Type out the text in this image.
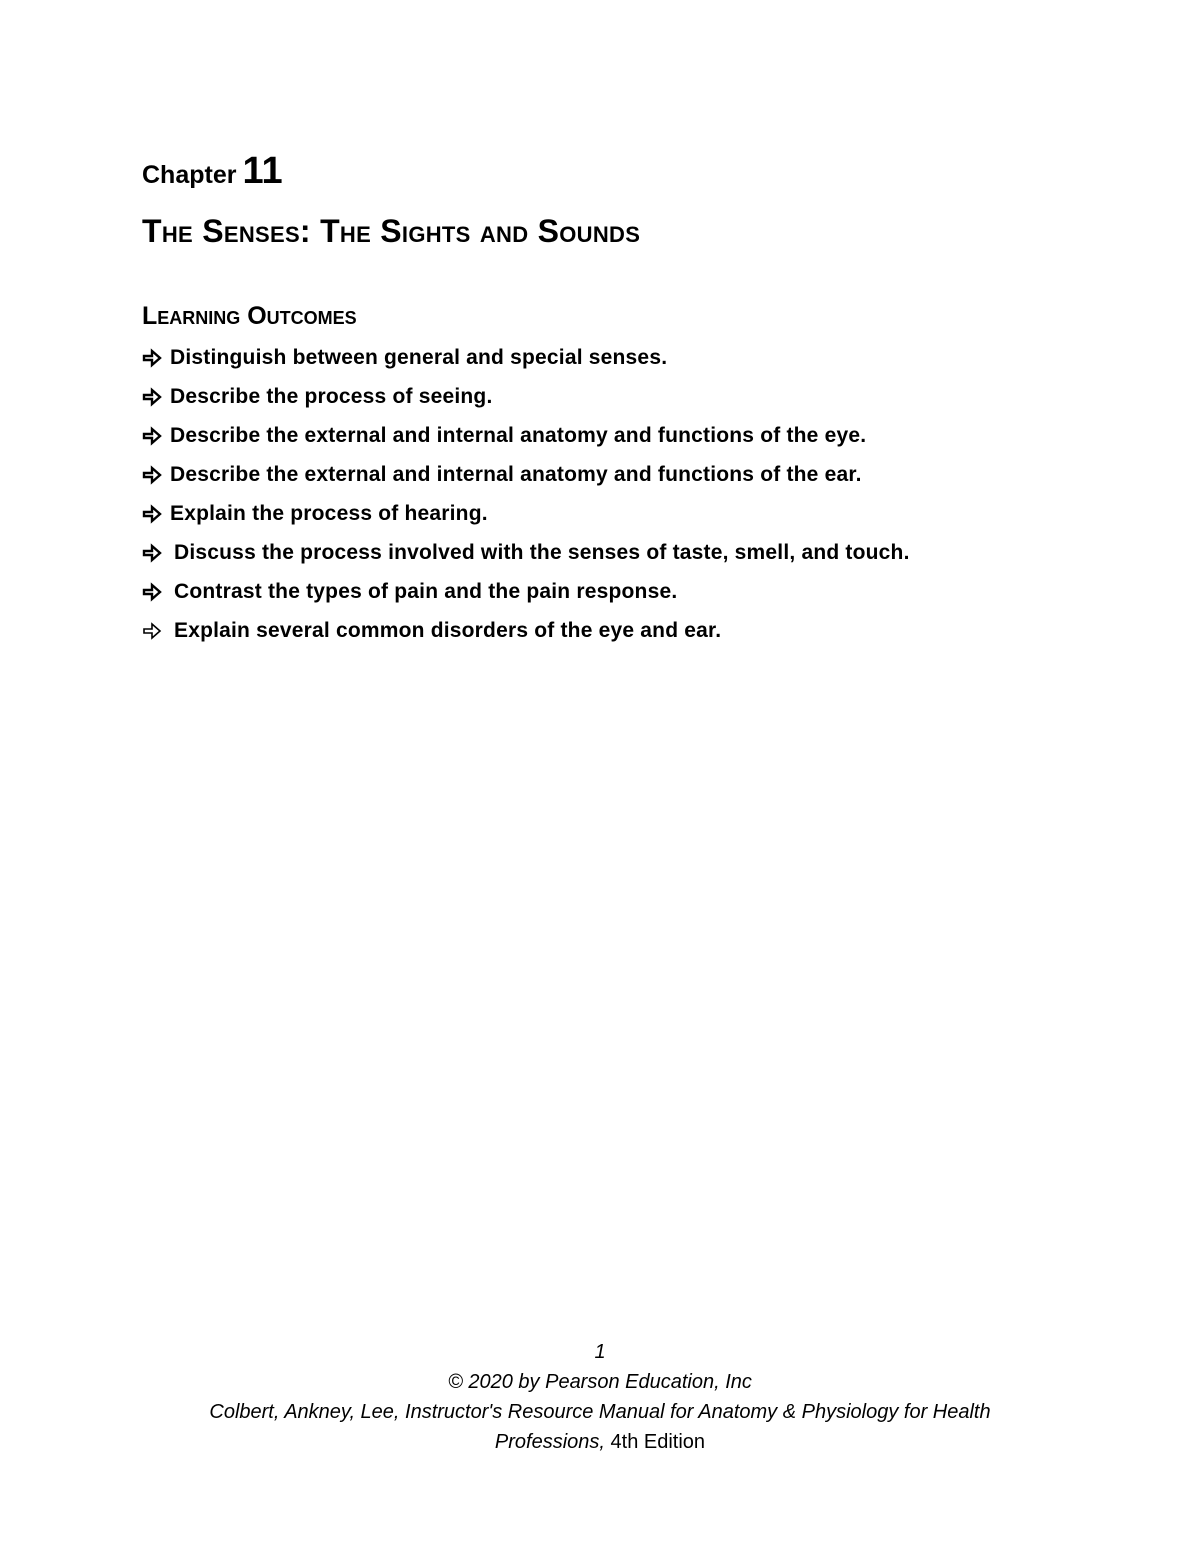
Chapter 11
The Senses: The Sights and Sounds
Learning Outcomes
Distinguish between general and special senses.
Describe the process of seeing.
Describe the external and internal anatomy and functions of the eye.
Describe the external and internal anatomy and functions of the ear.
Explain the process of hearing.
Discuss the process involved with the senses of taste, smell, and touch.
Contrast the types of pain and the pain response.
Explain several common disorders of the eye and ear.
1
© 2020 by Pearson Education, Inc
Colbert, Ankney, Lee, Instructor's Resource Manual for Anatomy & Physiology for Health
Professions, 4th Edition
